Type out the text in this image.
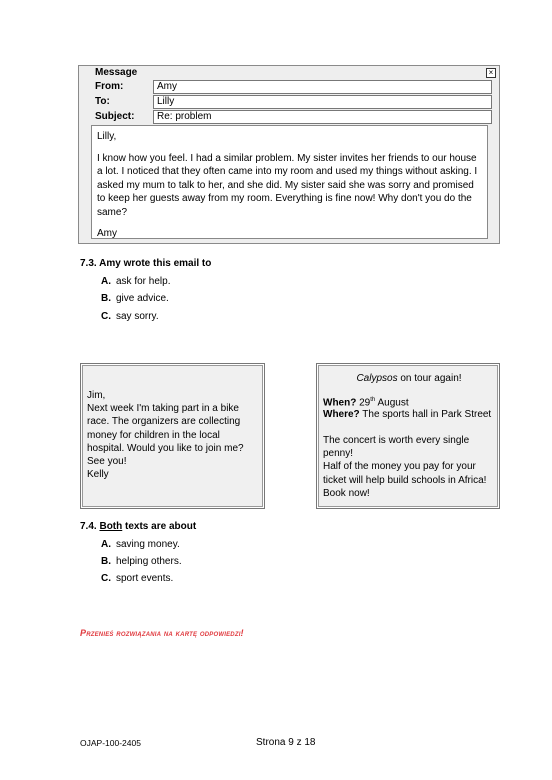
Message	×
From:	Amy
To:	Lilly
Subject:	Re: problem

Lilly,

I know how you feel. I had a similar problem. My sister invites her friends to our house a lot. I noticed that they often came into my room and used my things without asking. I asked my mum to talk to her, and she did. My sister said she was sorry and promised to keep her guests away from my room. Everything is fine now! Why don't you do the same?

Amy

7.3. Amy wrote this email to
A. ask for help.
B. give advice.
C. say sorry.

Jim,

Next week I'm taking part in a bike race. The organizers are collecting money for children in the local hospital. Would you like to join me? See you!

Kelly

Calypsos on tour again!
When? 29th August
Where? The sports hall in Park Street

The concert is worth every single penny!

Half of the money you pay for your ticket will help build schools in Africa! Book now!

7.4. Both texts are about
A. saving money.
B. helping others.
C. sport events.
Przenieś rozwiązania na kartę odpowiedzi!
OJAP-100-2405	Strona 9 z 18
